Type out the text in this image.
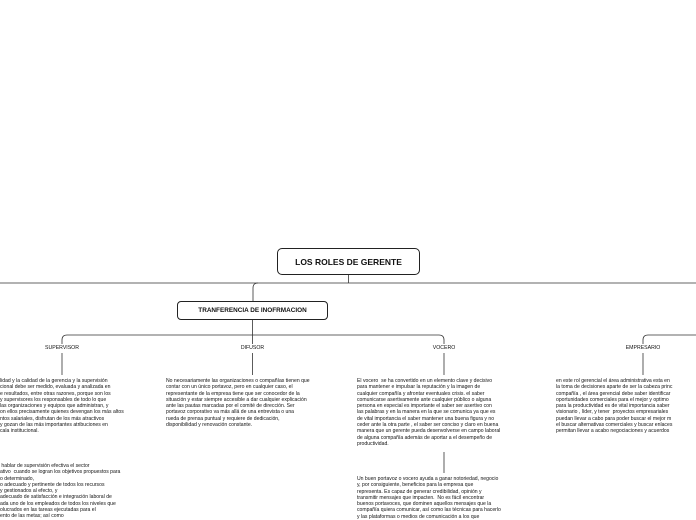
LOS ROLES DE GERENTE
TRANFERENCIA DE INOFRMACION
SUPERVISOR	DIFUSOR	VOCERO	EMPRESARIO
lidad y la calidad de la gerencia y la supervisión
cional debe ser medido, evaluada y analizada en
e resultados, entre otras razones, porque son los
y supervisores los responsables de todo lo que
las organizaciones y equipos que administran, y
on ellos precisamente quienes devengan los más altos
ntos salariales, disfrutan de los más atractivos
y gozan de las más importantes atribuciones en
cala institucional.
hablar de supervisión efectiva el sector
ativo  cuando se logran los objetivos propuestos para
o determinado,
o adecuado y pertinente de todos los recursos
y gestionados al efecto, y
adecuado de satisfacción e integración laboral de
ada uno de los empleados de todos los niveles que
olucrados en las tareas ejecutadas para el
ento de las metas; así como
No necesariamente las organizaciones o compañías tienen que
contar con un único portavoz, pero en cualquier caso, el
representante de la empresa tiene que ser conocedor de la
situación y estar siempre accesible a dar cualquier explicación
ante las pautas marcadas por el comité de dirección. Ser
portavoz corporativo va más allá de una entrevista o una
rueda de prensa puntual y requiere de dedicación,
disponibilidad y renovación constante.
El vocero  se ha convertido en un elemento clave y decisivo
para mantener e impulsar la reputación y la imagen de
cualquier compañía y afrontar eventuales crisis. el saber
comunicarse asertivamente ante cualquier público o alguna
persona en especial es importante el saber ser asertivo con
las palabras y en la manera en la que se comunica ya que es
de vital importancia el saber mantener una buena figura y no
ceder ante la otra parte , el saber ser conciso y claro en buena
manera que un gerente pueda desenvolverse en campo laboral
de alguna compañía además de aportar a el desempeño de
productividad.
Un buen portavoz o vocero ayuda a ganar notoriedad, negocio
y, por consiguiente, beneficios para la empresa que
representa. Es capaz de generar credibilidad, opinión y
transmitir mensajes que impacten.  No es fácil encontrar
buenos portavoces, que dominen aquellos mensajes que la
compañía quiera comunicar, así como las técnicas para hacerlo
y las plataformas o medios de comunicación a los que
en este rol gerencial el área administrativa esta en
la toma de decisiones aparte de ser la cabeza princ
compañía , el área gerencial debe saber identificar
oportunidades comerciales para el mejor y optimo
para la productividad es de vital importancia saber
visionario , líder, y tener  proyectos empresariales
puedan llevar a cabo para poder buscar el mejor m
el buscar alternativas comerciales y buscar enlaces
permitan llevar a acabo negociaciones y acuerdos
